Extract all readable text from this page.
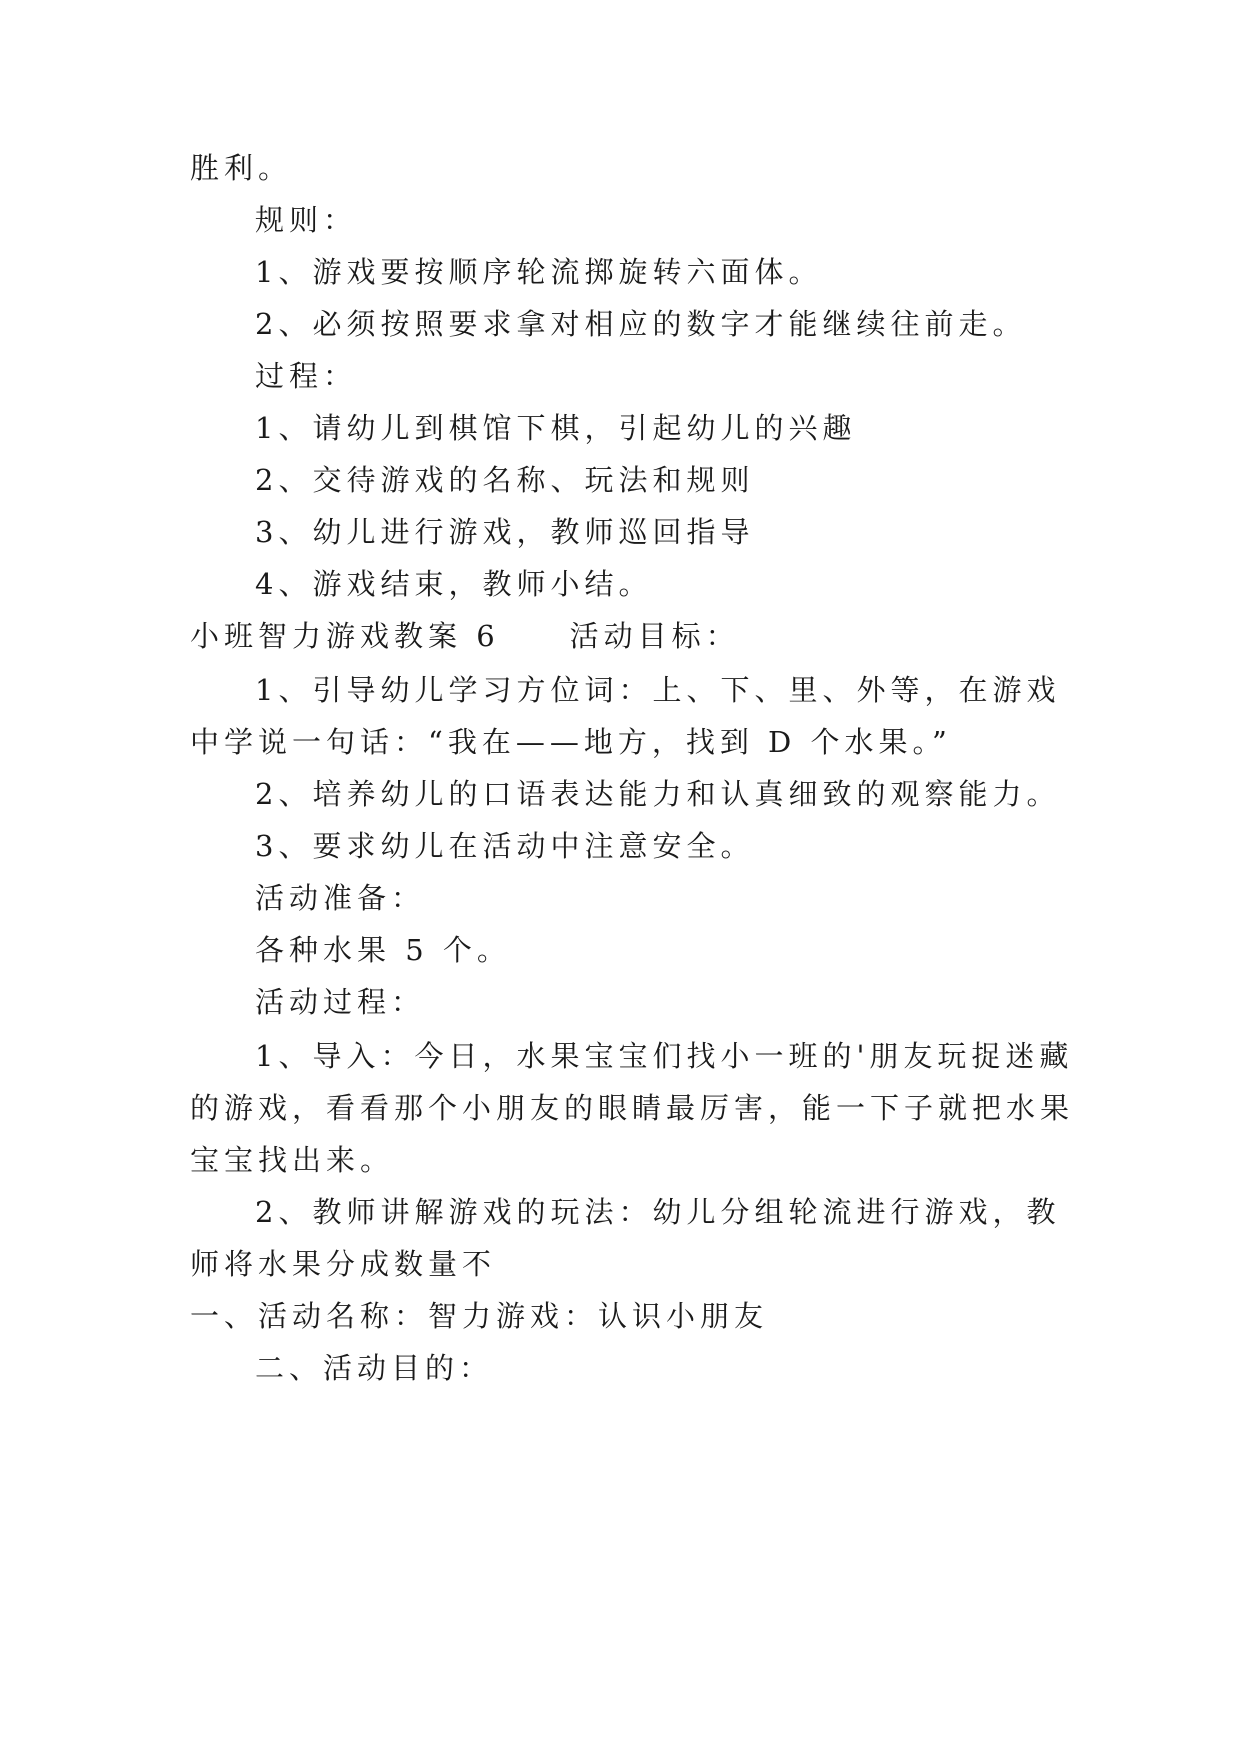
胜利。
规则：
1、游戏要按顺序轮流掷旋转六面体。
2、必须按照要求拿对相应的数字才能继续往前走。
过程：
1、请幼儿到棋馆下棋，引起幼儿的兴趣
2、交待游戏的名称、玩法和规则
3、幼儿进行游戏，教师巡回指导
4、游戏结束，教师小结。
小班智力游戏教案 6 活动目标：
1、引导幼儿学习方位词：上、下、里、外等，在游戏
中学说一句话：“我在——地方，找到 D 个水果。”
2、培养幼儿的口语表达能力和认真细致的观察能力。
3、要求幼儿在活动中注意安全。
活动准备：
各种水果 5 个。
活动过程：
1、导入：今日，水果宝宝们找小一班的'朋友玩捉迷藏
的游戏，看看那个小朋友的眼睛最厉害，能一下子就把水果
宝宝找出来。
2、教师讲解游戏的玩法：幼儿分组轮流进行游戏，教
师将水果分成数量不
一、活动名称：智力游戏：认识小朋友
二、活动目的：
